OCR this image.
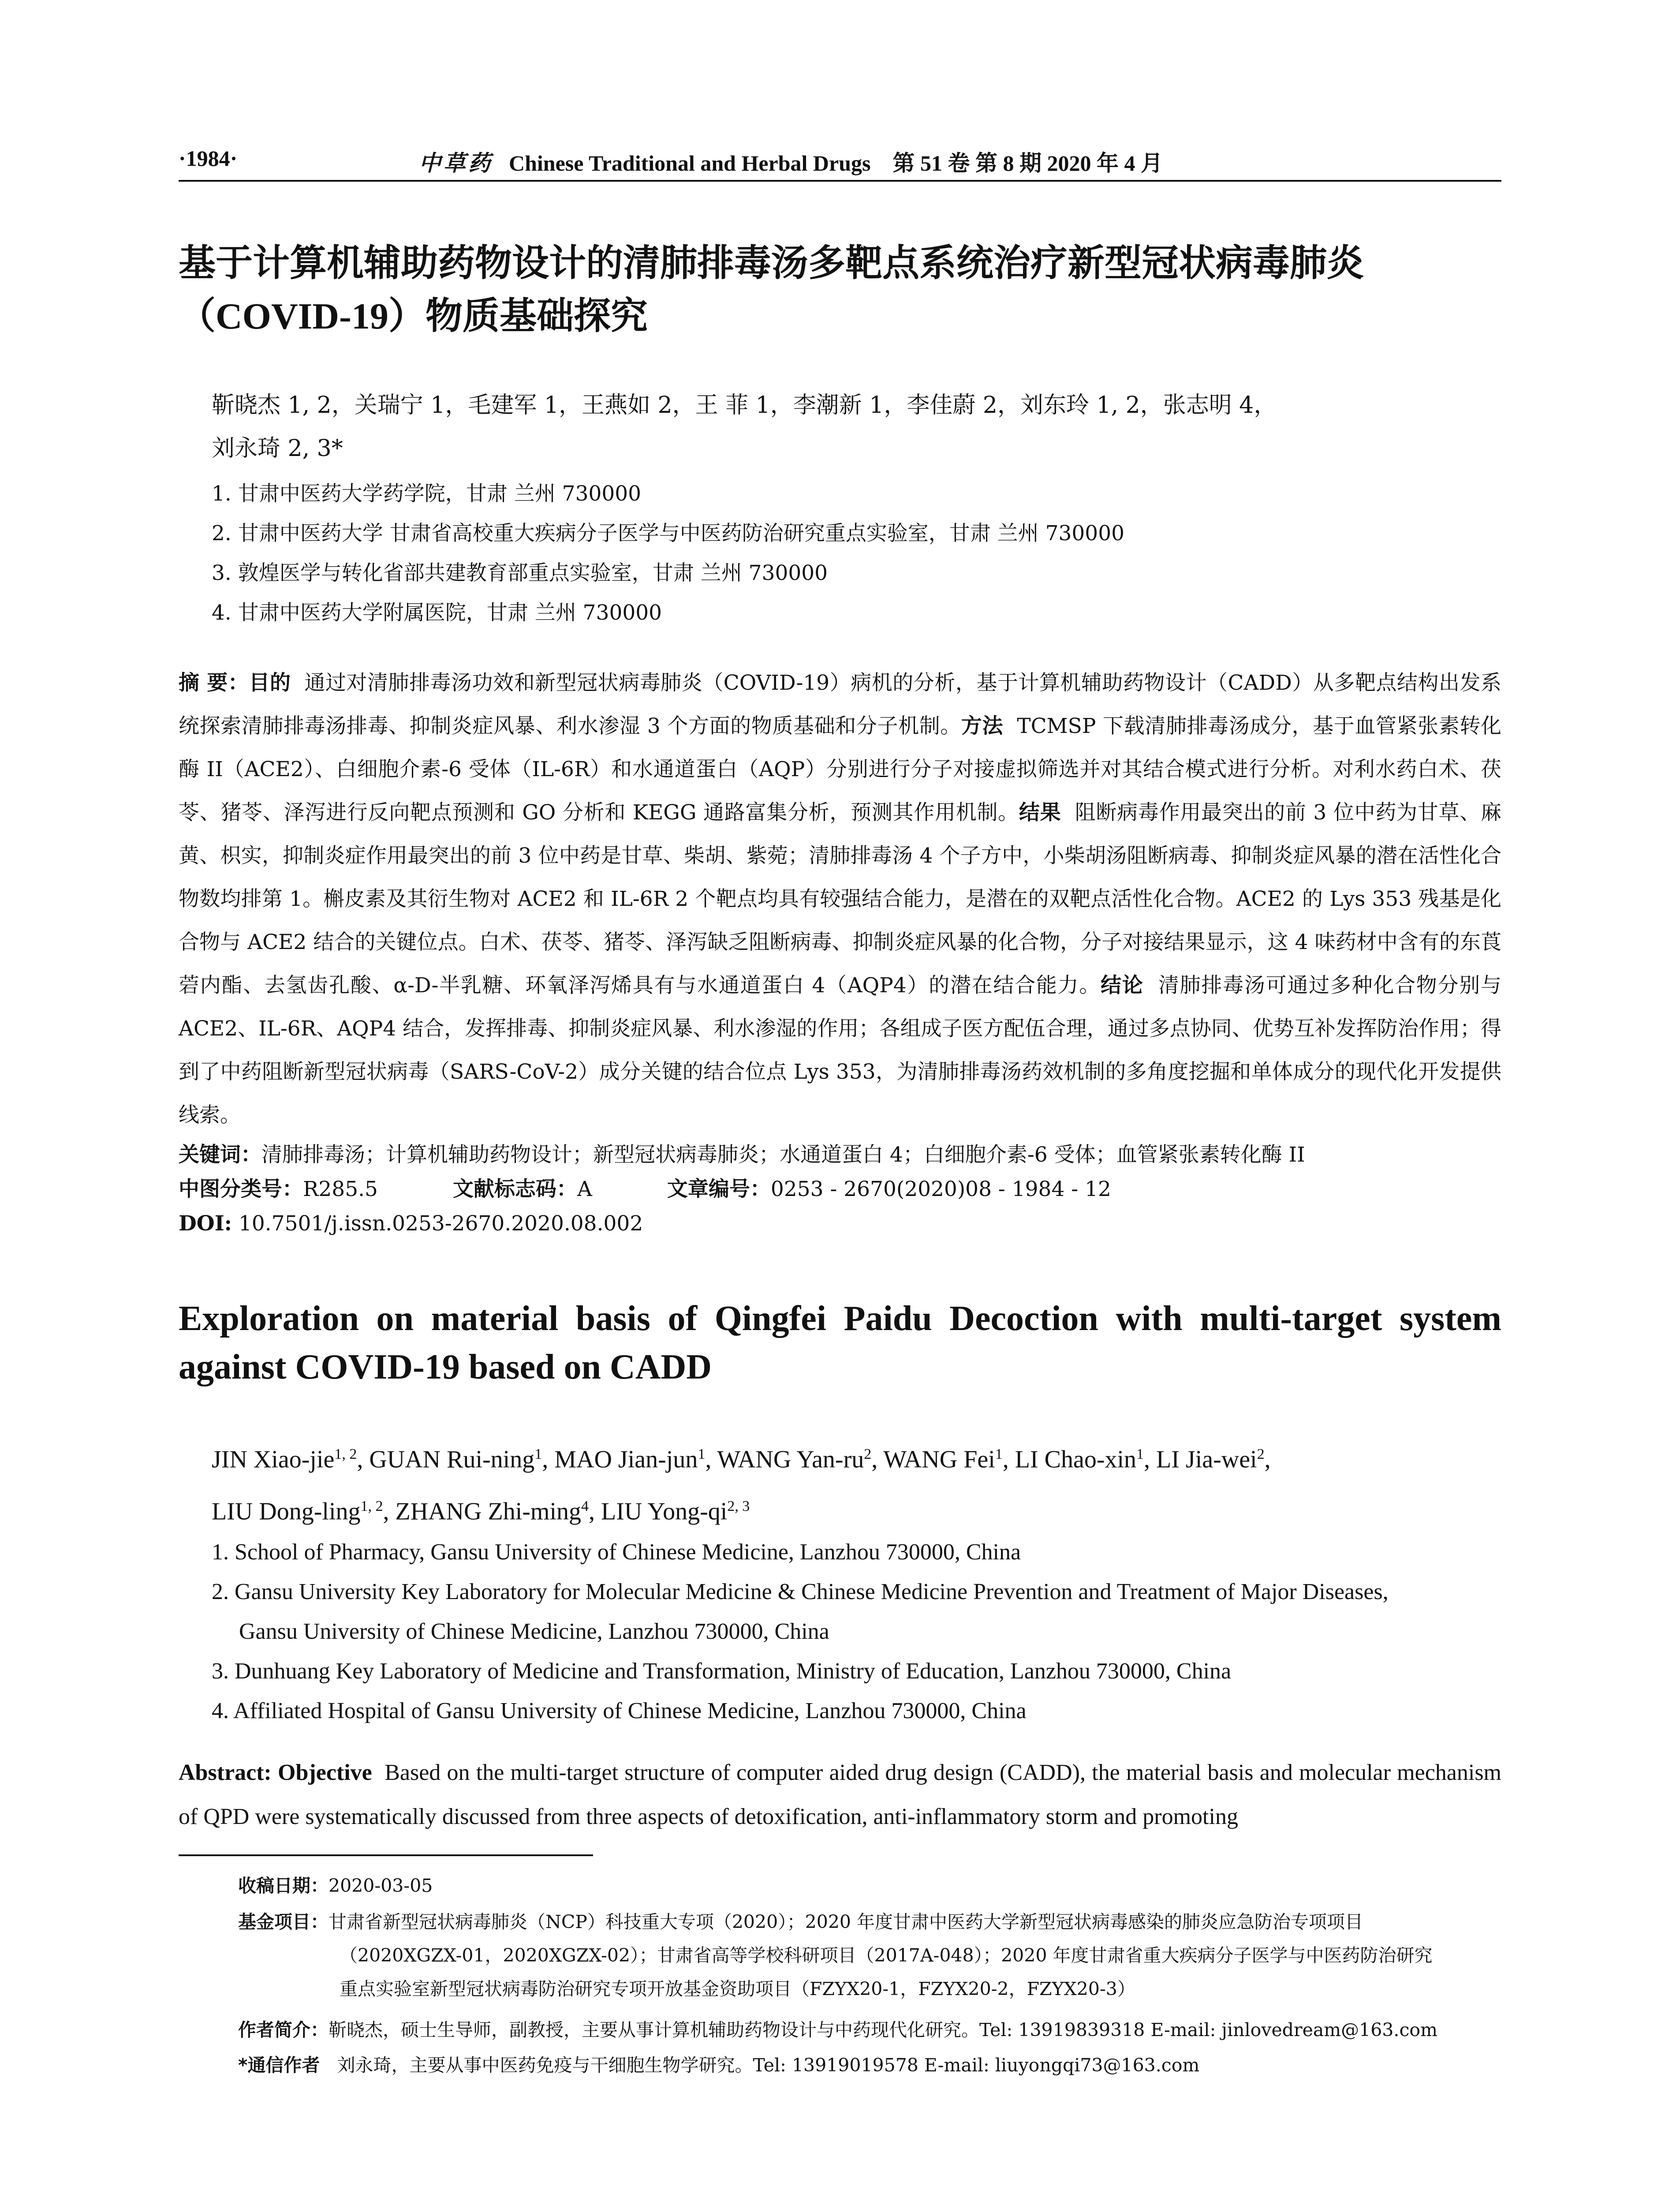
·1984·	中草药 Chinese Traditional and Herbal Drugs 第 51 卷 第 8 期 2020 年 4 月
基于计算机辅助药物设计的清肺排毒汤多靶点系统治疗新型冠状病毒肺炎
（COVID-19）物质基础探究
靳晓杰 1, 2，关瑞宁 1，毛建军 1，王燕如 2，王 菲 1，李潮新 1，李佳蔚 2，刘东玲 1, 2，张志明 4，
刘永琦 2, 3*
1. 甘肃中医药大学药学院，甘肃 兰州 730000
2. 甘肃中医药大学 甘肃省高校重大疾病分子医学与中医药防治研究重点实验室，甘肃 兰州 730000
3. 敦煌医学与转化省部共建教育部重点实验室，甘肃 兰州 730000
4. 甘肃中医药大学附属医院，甘肃 兰州 730000
摘 要：目的 通过对清肺排毒汤功效和新型冠状病毒肺炎（COVID-19）病机的分析，基于计算机辅助药物设计（CADD）从多靶点结构出发系统探索清肺排毒汤排毒、抑制炎症风暴、利水渗湿 3 个方面的物质基础和分子机制。方法 TCMSP 下载清肺排毒汤成分，基于血管紧张素转化酶 II（ACE2）、白细胞介素-6 受体（IL-6R）和水通道蛋白（AQP）分别进行分子对接虚拟筛选并对其结合模式进行分析。对利水药白术、茯苓、猪苓、泽泻进行反向靶点预测和 GO 分析和 KEGG 通路富集分析，预测其作用机制。结果 阻断病毒作用最突出的前 3 位中药为甘草、麻黄、枳实，抑制炎症作用最突出的前 3 位中药是甘草、柴胡、紫菀；清肺排毒汤 4 个子方中，小柴胡汤阻断病毒、抑制炎症风暴的潜在活性化合物数均排第 1。槲皮素及其衍生物对 ACE2 和 IL-6R 2 个靶点均具有较强结合能力，是潜在的双靶点活性化合物。ACE2 的 Lys 353 残基是化合物与 ACE2 结合的关键位点。白术、茯苓、猪苓、泽泻缺乏阻断病毒、抑制炎症风暴的化合物，分子对接结果显示，这 4 味药材中含有的东莨菪内酯、去氢齿孔酸、α-D-半乳糖、环氧泽泻烯具有与水通道蛋白 4（AQP4）的潜在结合能力。结论 清肺排毒汤可通过多种化合物分别与 ACE2、IL-6R、AQP4 结合，发挥排毒、抑制炎症风暴、利水渗湿的作用；各组成子医方配伍合理，通过多点协同、优势互补发挥防治作用；得到了中药阻断新型冠状病毒（SARS-CoV-2）成分关键的结合位点 Lys 353，为清肺排毒汤药效机制的多角度挖掘和单体成分的现代化开发提供线索。
关键词：清肺排毒汤；计算机辅助药物设计；新型冠状病毒肺炎；水通道蛋白 4；白细胞介素-6 受体；血管紧张素转化酶 II
中图分类号：R285.5	文献标志码：A	文章编号：0253 - 2670(2020)08 - 1984 - 12
DOI: 10.7501/j.issn.0253-2670.2020.08.002
Exploration on material basis of Qingfei Paidu Decoction with multi-target system against COVID-19 based on CADD
JIN Xiao-jie$^{1, 2}$, GUAN Rui-ning$^1$, MAO Jian-jun$^1$, WANG Yan-$ru^2$, WANG Fei$^1$, LI Chao-xin$^1$, LI Jia-wei$^2$,
LIU Dong-ling$^{1, 2}$, ZHANG Zhi-ming$^4$, LIU Yong-qi$^{2, 3}$
1. School of Pharmacy, Gansu University of Chinese Medicine, Lanzhou 730000, China
2. Gansu University Key Laboratory for Molecular Medicine & Chinese Medicine Prevention and Treatment of Major Diseases,
Gansu University of Chinese Medicine, Lanzhou 730000, China
3. Dunhuang Key Laboratory of Medicine and Transformation, Ministry of Education, Lanzhou 730000, China
4. Affiliated Hospital of Gansu University of Chinese Medicine, Lanzhou 730000, China
Abstract: Objective Based on the multi-target structure of computer aided drug design (CADD), the material basis and molecular mechanism of QPD were systematically discussed from three aspects of detoxification, anti-inflammatory storm and promoting
收稿日期：2020-03-05
基金项目：甘肃省新型冠状病毒肺炎（NCP）科技重大专项（2020）；2020 年度甘肃中医药大学新型冠状病毒感染的肺炎应急防治专项项目
（2020XGZX-01，2020XGZX-02）；甘肃省高等学校科研项目（2017A-048）；2020 年度甘肃省重大疾病分子医学与中医药防治研究
重点实验室新型冠状病毒防治研究专项开放基金资助项目（FZYX20-1，FZYX20-2，FZYX20-3）
作者简介：靳晓杰，硕士生导师，副教授，主要从事计算机辅助药物设计与中药现代化研究。Tel: 13919839318 E-mail: jinlovedream@163.com
*通信作者 刘永琦，主要从事中医药免疫与干细胞生物学研究。Tel: 13919019578 E-mail: liuyongqi73@163.com
